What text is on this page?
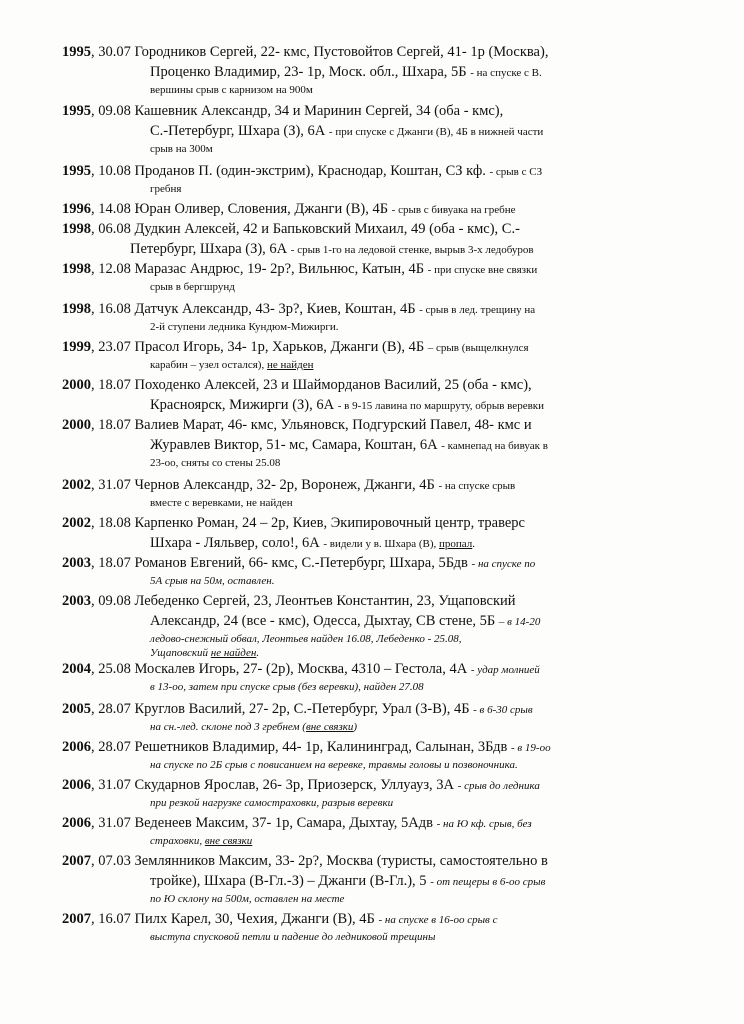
1995, 30.07 Городников Сергей, 22- кмс, Пустовойтов Сергей, 41- 1р (Москва),
Проценко Владимир, 23- 1р, Моск. обл., Шхара, 5Б - на спуске с В.
вершины срыв с карнизом на 900м
1995, 09.08 Кашевник Александр, 34 и Маринин Сергей, 34 (оба - кмс),
С.-Петербург, Шхара (З), 6А - при спуске с Джанги (В), 4Б в нижней части
срыв на 300м
1995, 10.08 Проданов П. (один-экстрим), Краснодар, Коштан, СЗ кф. - срыв с СЗ
гребня
1996, 14.08 Юран Оливер, Словения, Джанги (В), 4Б - срыв с бивуака на гребне
1998, 06.08 Дудкин Алексей, 42 и Бапьковский Михаил, 49 (оба - кмс), С.-
Петербург, Шхара (З), 6А - срыв 1-го на ледовой стенке, вырыв 3-х ледобуров
1998, 12.08 Маразас Андрюс, 19- 2р?, Вильнюс, Катын, 4Б - при спуске вне связки
срыв в бергшрунд
1998, 16.08 Датчук Александр, 43- 3р?, Киев, Коштан, 4Б - срыв в лед. трещину на
2-й ступени ледника Кундюм-Мижирги.
1999, 23.07 Прасол Игорь, 34- 1р, Харьков, Джанги (В), 4Б – срыв (выщелкнулся
карабин – узел остался), не найден
2000, 18.07 Походенко Алексей, 23 и Шайморданов Василий, 25 (оба - кмс),
Красноярск, Мижирги (З), 6А - в 9-15 лавина по маршруту, обрыв веревки
2000, 18.07 Валиев Марат, 46- кмс, Ульяновск, Подгурский Павел, 48- кмс и
Журавлев Виктор, 51- мс, Самара, Коштан, 6А - камнепад на бивуак в
23-оо, сняты со стены 25.08
2002, 31.07 Чернов Александр, 32- 2р, Воронеж, Джанги, 4Б - на спуске срыв
вместе с веревками, не найден
2002, 18.08 Карпенко Роман, 24 – 2р, Киев, Экипировочный центр, траверс
Шхара - Ляльвер, соло!, 6А - видели у в. Шхара (В), пропал.
2003, 18.07 Романов Евгений, 66- кмс, С.-Петербург, Шхара, 5Бдв - на спуске по
5А срыв на 50м, оставлен.
2003, 09.08 Лебеденко Сергей, 23, Леонтьев Константин, 23, Ущаповский
Александр, 24 (все - кмс), Одесса, Дыхтау, СВ стене, 5Б – в 14-20
ледово-снежный обвал, Леонтьев найден 16.08, Лебеденко - 25.08,
Ущаповский не найден.
2004, 25.08 Москалев Игорь, 27- (2р), Москва, 4310 – Гестола, 4А - удар молнией
в 13-оо, затем при спуске срыв (без веревки), найден 27.08
2005, 28.07 Круглов Василий, 27- 2р, С.-Петербург, Урал (З-В), 4Б - в 6-30 срыв
на сн.-лед. склоне под 3 гребнем (вне связки)
2006, 28.07 Решетников Владимир, 44- 1р, Калининград, Салынан, 3Бдв - в 19-оо
на спуске по 2Б срыв с повисанием на веревке, травмы головы и позвоночника.
2006, 31.07 Скударнов Ярослав, 26- 3р, Приозерск, Уллуауз, 3А - срыв до ледника
при резкой нагрузке самостраховки, разрыв веревки
2006, 31.07 Веденеев Максим, 37- 1р, Самара, Дыхтау, 5Адв - на Ю кф. срыв, без
страховки, вне связки
2007, 07.03 Землянников Максим, 33- 2р?, Москва (туристы, самостоятельно в
тройке), Шхара (В-Гл.-З) – Джанги (В-Гл.), 5 - от пещеры в 6-оо срыв
по Ю склону на 500м, оставлен на месте
2007, 16.07 Пилх Карел, 30, Чехия, Джанги (В), 4Б - на спуске в 16-оо срыв с
выступа спусковой петли и падение до ледниковой трещины
